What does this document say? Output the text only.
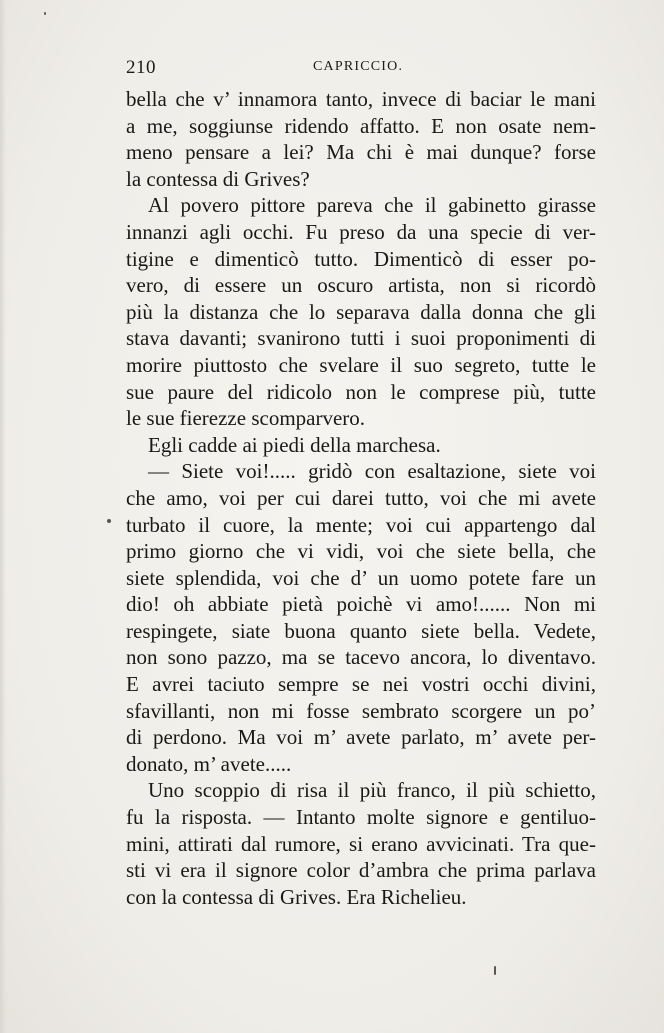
210	CAPRICCIO.
bella che v’ innamora tanto, invece di baciar le mani
a me, soggiunse ridendo affatto. E non osate nem-
meno pensare a lei? Ma chi è mai dunque? forse
la contessa di Grives?
Al povero pittore pareva che il gabinetto girasse
innanzi agli occhi. Fu preso da una specie di ver-
tigine e dimenticò tutto. Dimenticò di esser po-
vero, di essere un oscuro artista, non si ricordò
più la distanza che lo separava dalla donna che gli
stava davanti; svanirono tutti i suoi proponimenti di
morire piuttosto che svelare il suo segreto, tutte le
sue paure del ridicolo non le comprese più, tutte
le sue fierezze scomparvero.
Egli cadde ai piedi della marchesa.
— Siete voi!..... gridò con esaltazione, siete voi
che amo, voi per cui darei tutto, voi che mi avete
turbato il cuore, la mente; voi cui appartengo dal
primo giorno che vi vidi, voi che siete bella, che
siete splendida, voi che d’ un uomo potete fare un
dio! oh abbiate pietà poichè vi amo!...... Non mi
respingete, siate buona quanto siete bella. Vedete,
non sono pazzo, ma se tacevo ancora, lo diventavo.
E avrei taciuto sempre se nei vostri occhi divini,
sfavillanti, non mi fosse sembrato scorgere un po’
di perdono. Ma voi m’ avete parlato, m’ avete per-
donato, m’ avete.....
Uno scoppio di risa il più franco, il più schietto,
fu la risposta. — Intanto molte signore e gentiluo-
mini, attirati dal rumore, si erano avvicinati. Tra que-
sti vi era il signore color d’ambra che prima parlava
con la contessa di Grives. Era Richelieu.
